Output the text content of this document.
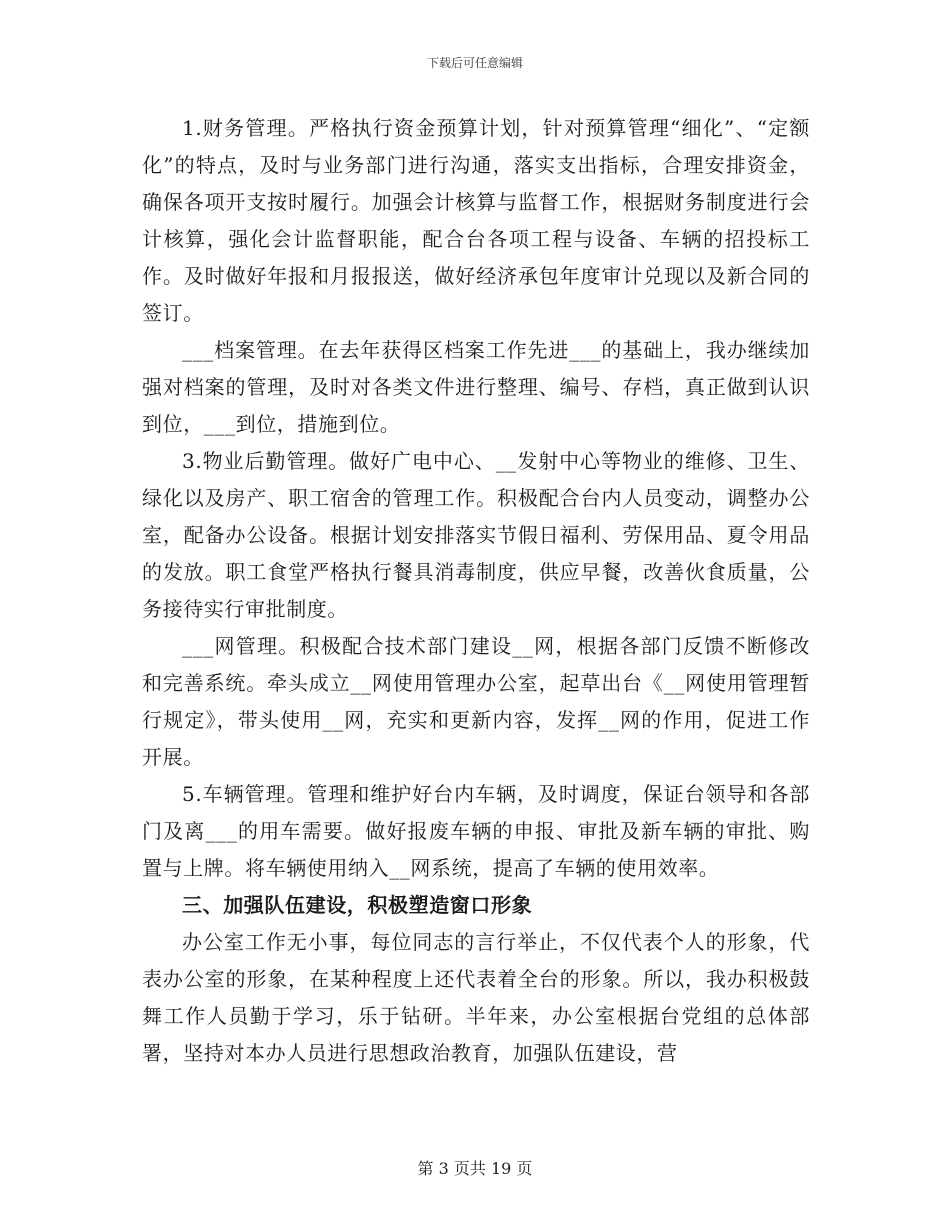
下载后可任意编辑

1.财务管理。严格执行资金预算计划，针对预算管理“细化”、“定额化”的特点，及时与业务部门进行沟通，落实支出指标，合理安排资金，确保各项开支按时履行。加强会计核算与监督工作，根据财务制度进行会计核算，强化会计监督职能，配合台各项工程与设备、车辆的招投标工作。及时做好年报和月报报送，做好经济承包年度审计兑现以及新合同的签订。

___档案管理。在去年获得区档案工作先进___的基础上，我办继续加强对档案的管理，及时对各类文件进行整理、编号、存档，真正做到认识到位，___到位，措施到位。

3.物业后勤管理。做好广电中心、__发射中心等物业的维修、卫生、绿化以及房产、职工宿舍的管理工作。积极配合台内人员变动，调整办公室，配备办公设备。根据计划安排落实节假日福利、劳保用品、夏令用品的发放。职工食堂严格执行餐具消毒制度，供应早餐，改善伙食质量，公务接待实行审批制度。

___网管理。积极配合技术部门建设__网，根据各部门反馈不断修改和完善系统。牵头成立__网使用管理办公室，起草出台《__网使用管理暂行规定》，带头使用__网，充实和更新内容，发挥__网的作用，促进工作开展。

5.车辆管理。管理和维护好台内车辆，及时调度，保证台领导和各部门及离___的用车需要。做好报废车辆的申报、审批及新车辆的审批、购置与上牌。将车辆使用纳入__网系统，提高了车辆的使用效率。

三、加强队伍建设，积极塑造窗口形象

办公室工作无小事，每位同志的言行举止，不仅代表个人的形象，代表办公室的形象，在某种程度上还代表着全台的形象。所以，我办积极鼓舞工作人员勤于学习，乐于钻研。半年来，办公室根据台党组的总体部署，坚持对本办人员进行思想政治教育，加强队伍建设，营

第 3 页共 19 页
